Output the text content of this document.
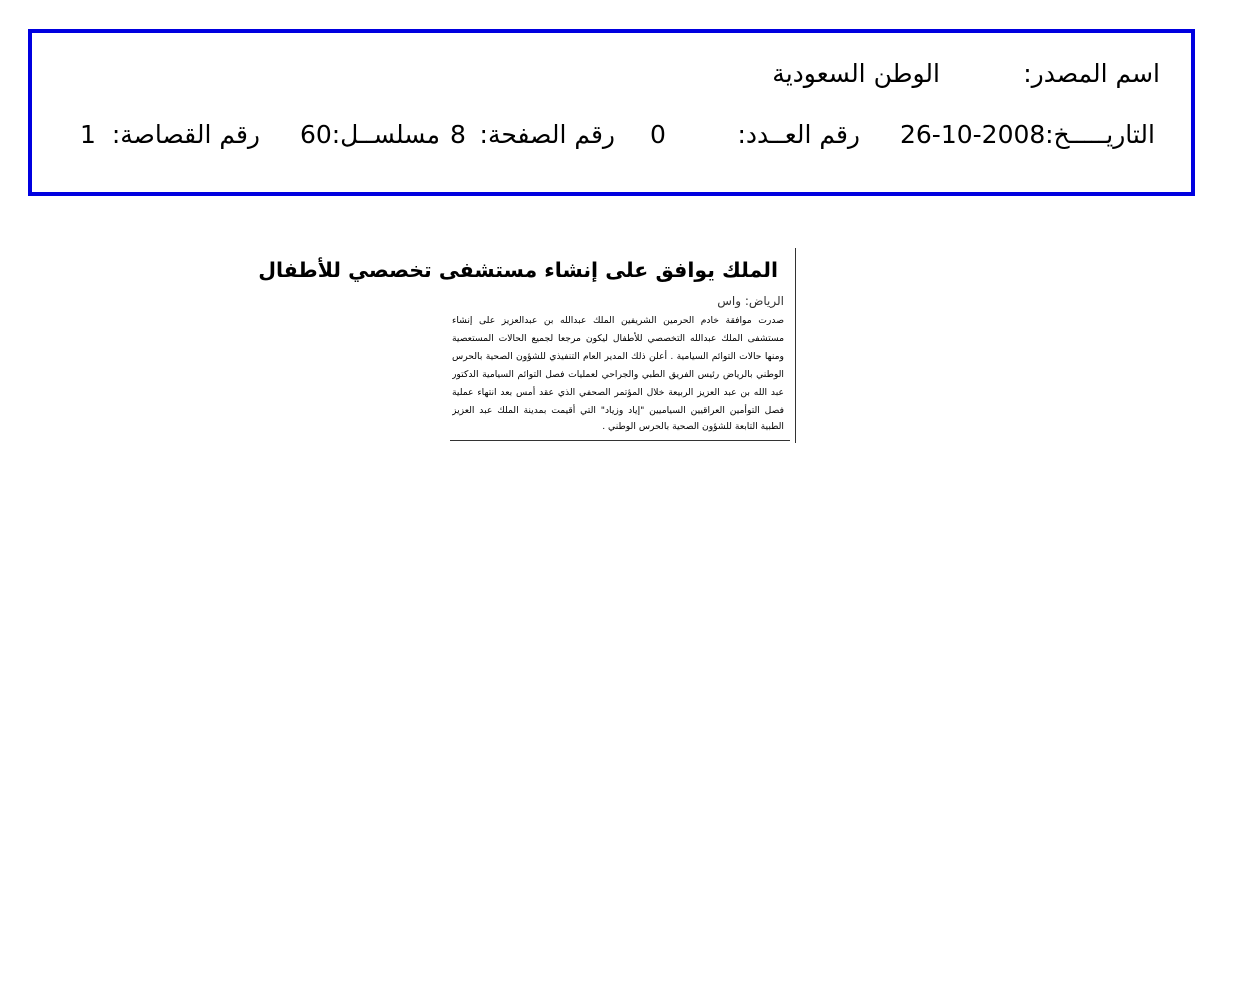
اسم المصدر:
الوطن السعودية
التاريـــــخ:
26-10-2008
رقم العــدد:
0
رقم الصفحة:
8
مسلســل:
60
رقم القصاصة:
1
الملك يوافق على إنشاء مستشفى تخصصي للأطفال
الرياض: واس
صدرت موافقة خادم الحرمين الشريفين الملك عبدالله بن عبدالعزيز على إنشاء
مستشفى الملك عبدالله التخصصي للأطفال ليكون مرجعا لجميع الحالات المستعصية
ومنها حالات التوائم السيامية . أعلن ذلك المدير العام التنفيذي للشؤون الصحية بالحرس
الوطني بالرياض رئيس الفريق الطبي والجراحي لعمليات فصل التوائم السيامية الدكتور
عبد الله بن عبد العزيز الربيعة خلال المؤتمر الصحفي الذي عقد أمس بعد انتهاء عملية
فصل التوأمين العراقيين السياميين "إياد وزياد" التي أقيمت بمدينة الملك عبد العزيز
الطبية التابعة للشؤون الصحية بالحرس الوطني .
